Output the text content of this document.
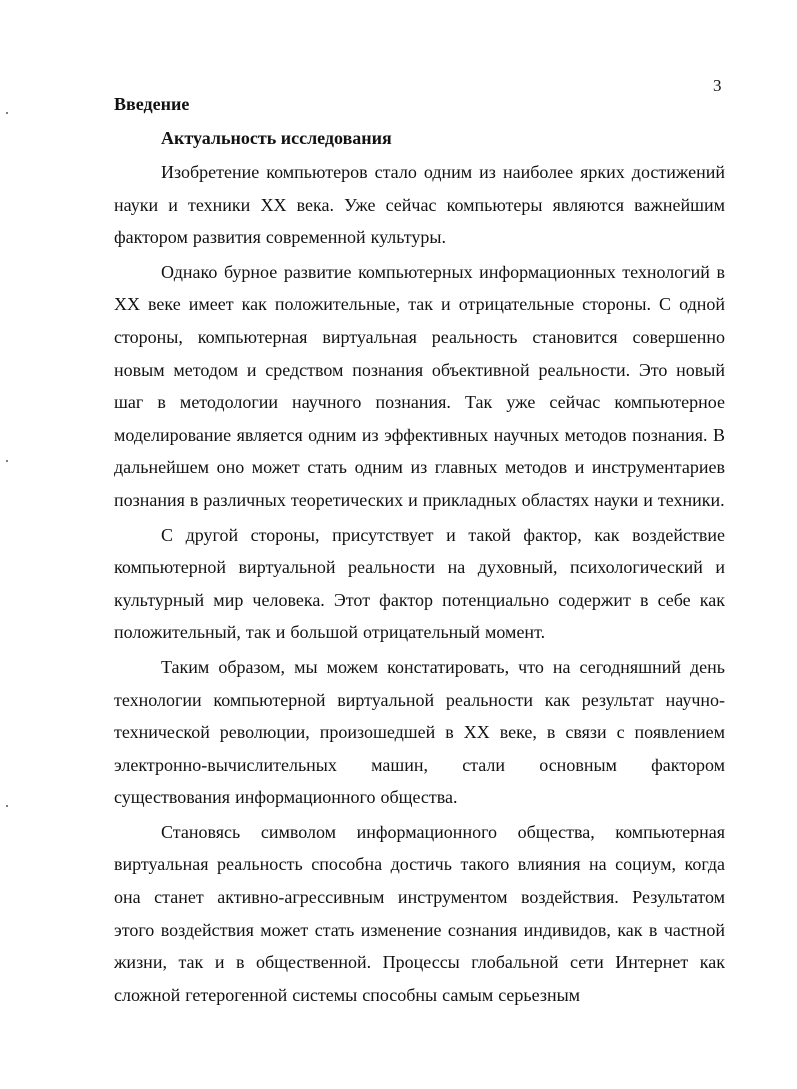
3
Введение
Актуальность исследования

Изобретение компьютеров стало одним из наиболее ярких достижений науки и техники XX века. Уже сейчас компьютеры являются важнейшим фактором развития современной культуры.

Однако бурное развитие компьютерных информационных технологий в XX веке имеет как положительные, так и отрицательные стороны. С одной стороны, компьютерная виртуальная реальность становится совершенно новым методом и средством познания объективной реальности. Это новый шаг в методологии научного познания. Так уже сейчас компьютерное моделирование является одним из эффективных научных методов познания. В дальнейшем оно может стать одним из главных методов и инструментариев познания в различных теоретических и прикладных областях науки и техники.

С другой стороны, присутствует и такой фактор, как воздействие компьютерной виртуальной реальности на духовный, психологический и культурный мир человека. Этот фактор потенциально содержит в себе как положительный, так и большой отрицательный момент.

Таким образом, мы можем констатировать, что на сегодняшний день технологии компьютерной виртуальной реальности как результат научно-технической революции, произошедшей в XX веке, в связи с появлением электронно-вычислительных машин, стали основным фактором существования информационного общества.

Становясь символом информационного общества, компьютерная виртуальная реальность способна достичь такого влияния на социум, когда она станет активно-агрессивным инструментом воздействия. Результатом этого воздействия может стать изменение сознания индивидов, как в частной жизни, так и в общественной. Процессы глобальной сети Интернет как сложной гетерогенной системы способны самым серьезным
